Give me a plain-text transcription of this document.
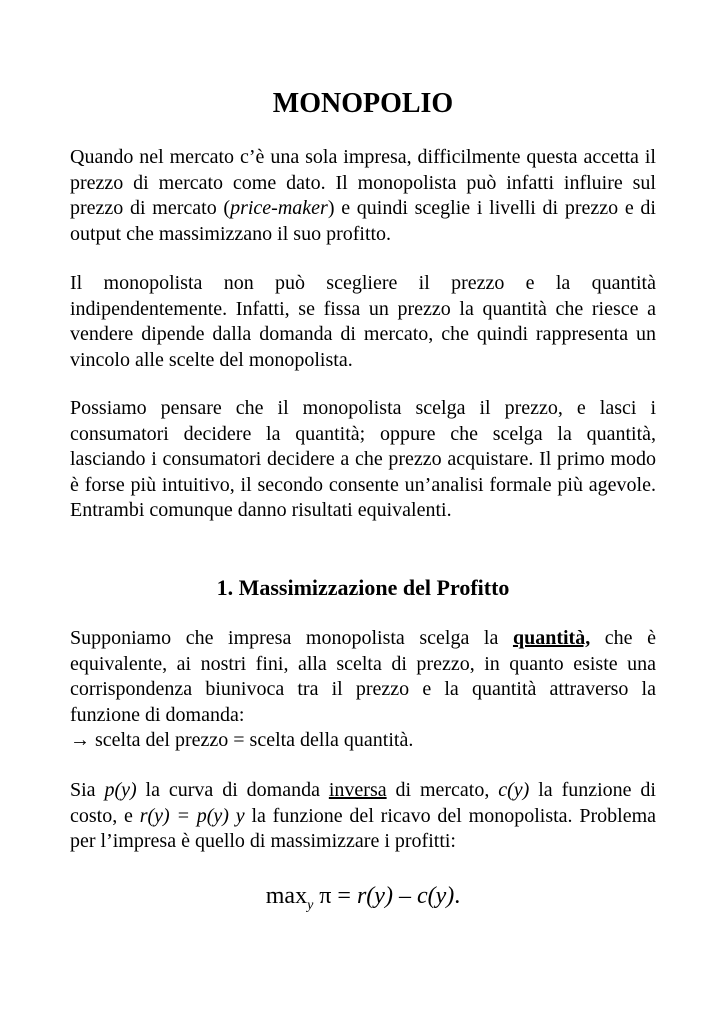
MONOPOLIO

Quando nel mercato c’è una sola impresa, difficilmente questa accetta il prezzo di mercato come dato. Il monopolista può infatti influire sul prezzo di mercato (price-maker) e quindi sceglie i livelli di prezzo e di output che massimizzano il suo profitto.

Il monopolista non può scegliere il prezzo e la quantità indipendentemente. Infatti, se fissa un prezzo la quantità che riesce a vendere dipende dalla domanda di mercato, che quindi rappresenta un vincolo alle scelte del monopolista.

Possiamo pensare che il monopolista scelga il prezzo, e lasci i consumatori decidere la quantità; oppure che scelga la quantità, lasciando i consumatori decidere a che prezzo acquistare. Il primo modo è forse più intuitivo, il secondo consente un’analisi formale più agevole. Entrambi comunque danno risultati equivalenti.

1. Massimizzazione del Profitto

Supponiamo che impresa monopolista scelga la quantità, che è equivalente, ai nostri fini, alla scelta di prezzo, in quanto esiste una corrispondenza biunivoca tra il prezzo e la quantità attraverso la funzione di domanda:
→ scelta del prezzo = scelta della quantità.

Sia p(y) la curva di domanda inversa di mercato, c(y) la funzione di costo, e r(y) = p(y) y la funzione del ricavo del monopolista. Problema per l’impresa è quello di massimizzare i profitti:

$\max_y \pi = r(y) - c(y)$.
